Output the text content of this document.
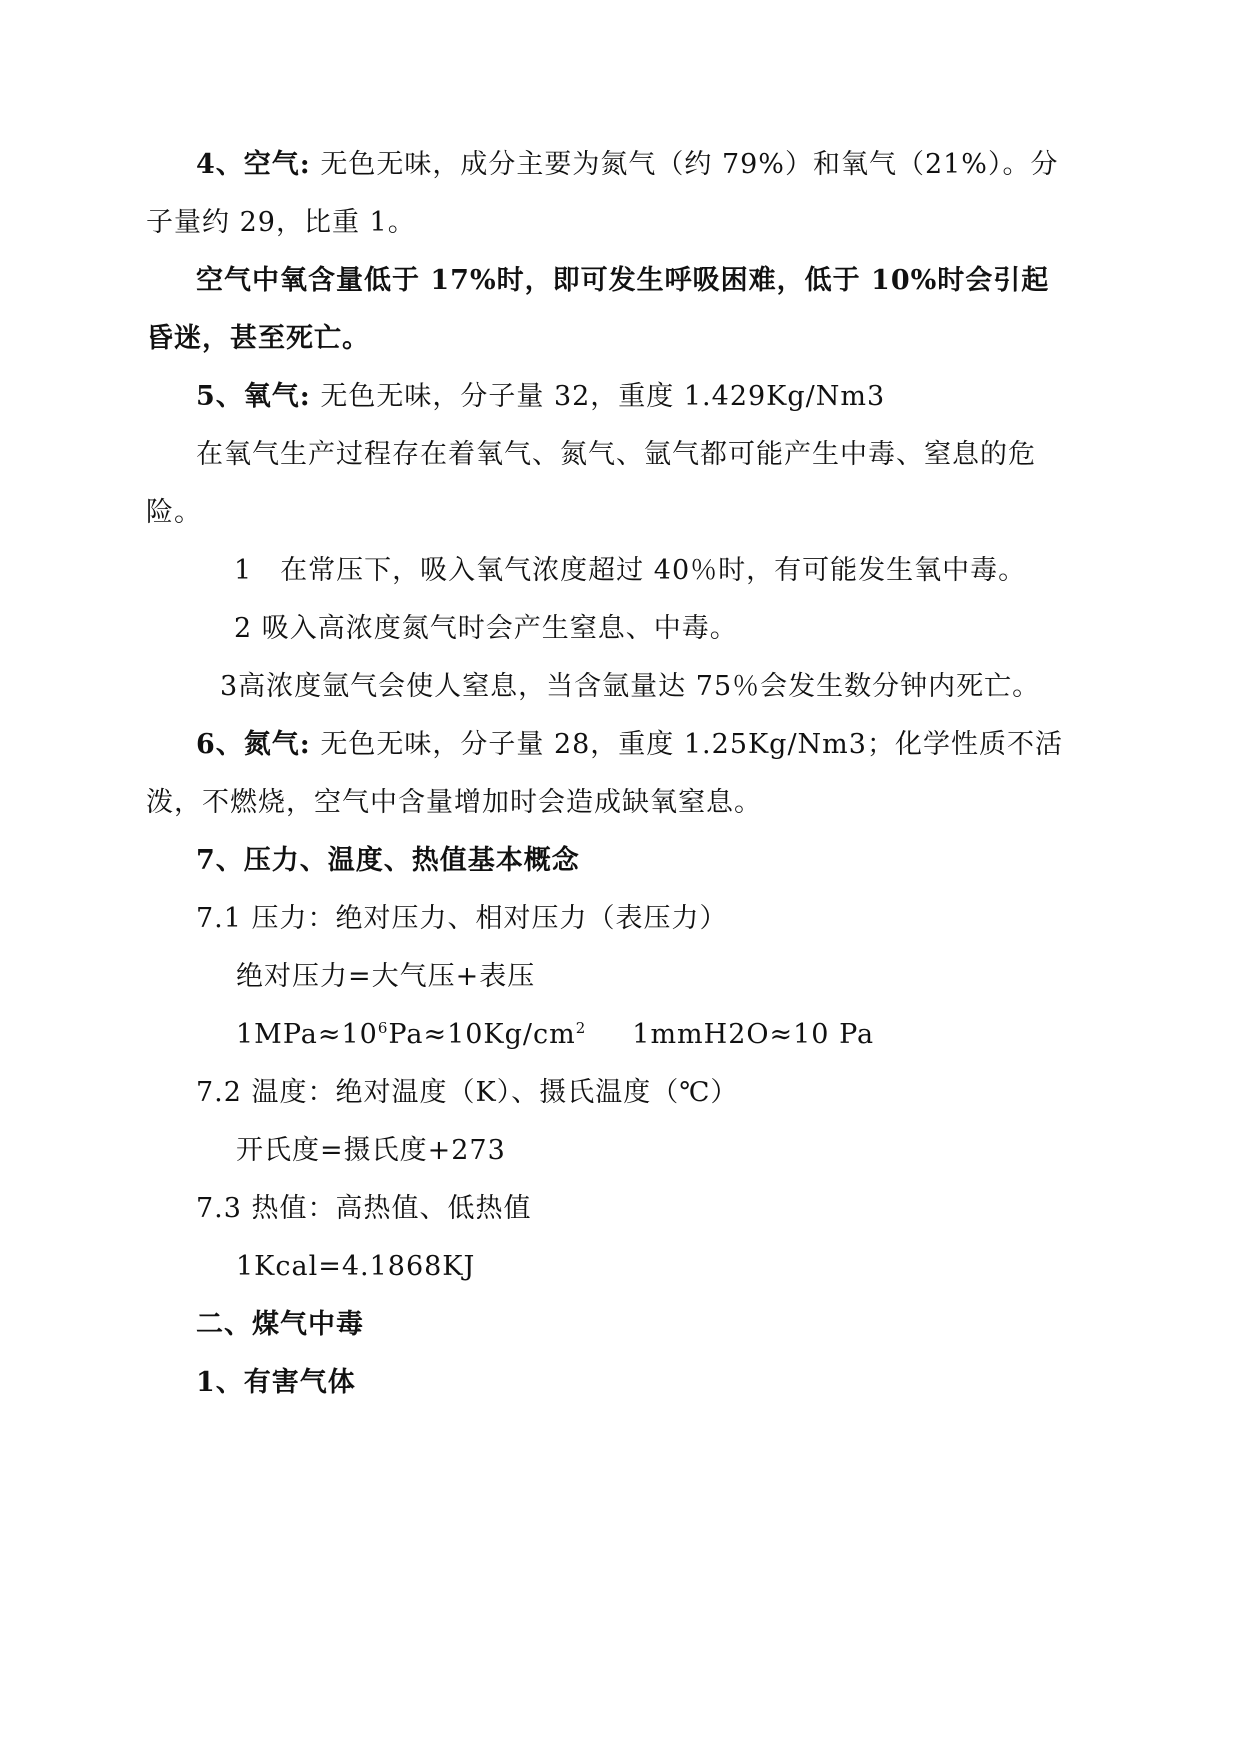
4、空气: 无色无味，成分主要为氮气（约 79%）和氧气（21%）。分
子量约 29，比重 1。
空气中氧含量低于 17%时，即可发生呼吸困难，低于 10%时会引起
昏迷，甚至死亡。
5、氧气: 无色无味，分子量 32，重度 1.429Kg/Nm3
在氧气生产过程存在着氧气、氮气、氩气都可能产生中毒、窒息的危
险。
1　在常压下，吸入氧气浓度超过 40％时，有可能发生氧中毒。
2 吸入高浓度氮气时会产生窒息、中毒。
3高浓度氩气会使人窒息，当含氩量达 75％会发生数分钟内死亡。
6、氮气: 无色无味，分子量 28，重度 1.25Kg/Nm3；化学性质不活
泼，不燃烧，空气中含量增加时会造成缺氧窒息。
7、压力、温度、热值基本概念
7.1 压力：绝对压力、相对压力（表压力）
绝对压力=大气压+表压
$1MPa\approx 10^6Pa\approx 10Kg/cm^2$ 1mmH2O≈10 Pa
7.2 温度：绝对温度（K）、摄氏温度（℃）
开氏度=摄氏度+273
7.3 热值：高热值、低热值
1Kcal=4.1868KJ
二、煤气中毒
1、有害气体
